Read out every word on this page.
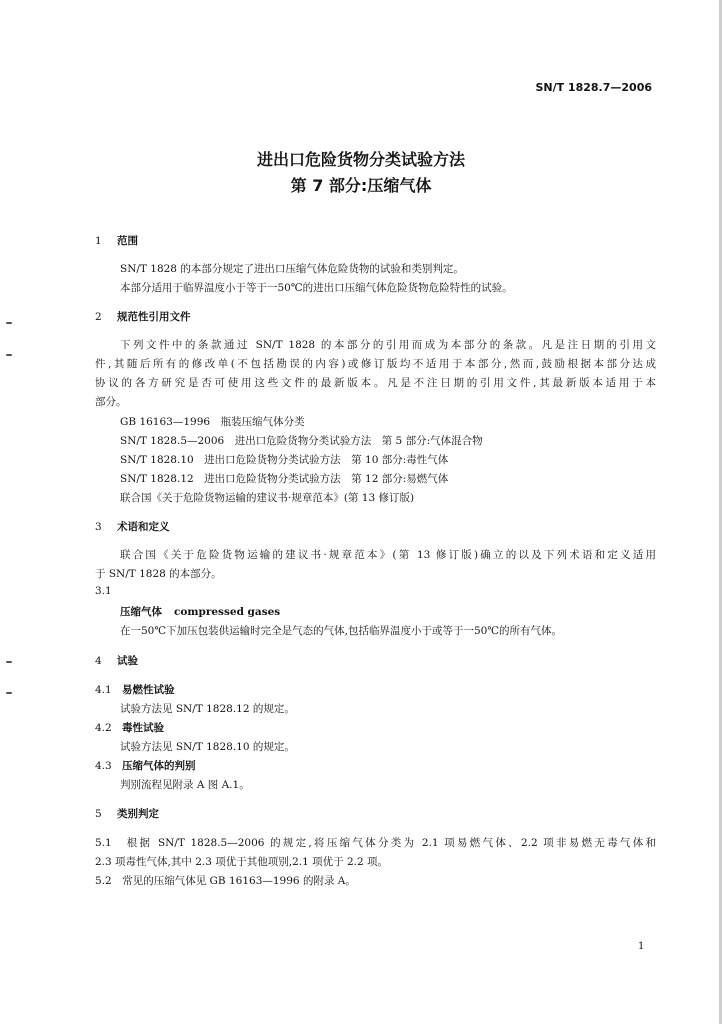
SN/T 1828.7—2006
进出口危险货物分类试验方法
第 7 部分:压缩气体
1 范围
SN/T 1828 的本部分规定了进出口压缩气体危险货物的试验和类别判定。
本部分适用于临界温度小于等于一50℃的进出口压缩气体危险货物危险特性的试验。
2 规范性引用文件
下列文件中的条款通过 SN/T 1828 的本部分的引用而成为本部分的条款。凡是注日期的引用文
件,其随后所有的修改单(不包括勘误的内容)或修订版均不适用于本部分,然而,鼓励根据本部分达成
协议的各方研究是否可使用这些文件的最新版本。凡是不注日期的引用文件,其最新版本适用于本
部分。
GB 16163—1996　瓶装压缩气体分类
SN/T 1828.5—2006　进出口危险货物分类试验方法　第 5 部分:气体混合物
SN/T 1828.10　进出口危险货物分类试验方法　第 10 部分:毒性气体
SN/T 1828.12　进出口危险货物分类试验方法　第 12 部分:易燃气体
联合国《关于危险货物运输的建议书·规章范本》(第 13 修订版)
3 术语和定义
联合国《关于危险货物运输的建议书·规章范本》(第 13 修订版)确立的以及下列术语和定义适用
于 SN/T 1828 的本部分。
3.1
压缩气体 compressed gases
在一50℃下加压包装供运输时完全是气态的气体,包括临界温度小于或等于一50℃的所有气体。
4 试验
4.1 易燃性试验
试验方法见 SN/T 1828.12 的规定。
4.2 毒性试验
试验方法见 SN/T 1828.10 的规定。
4.3 压缩气体的判别
判别流程见附录 A 图 A.1。
5 类别判定
5.1　根据 SN/T 1828.5—2006 的规定,将压缩气体分类为 2.1 项易燃气体、2.2 项非易燃无毒气体和
2.3 项毒性气体,其中 2.3 项优于其他项别,2.1 项优于 2.2 项。
5.2　常见的压缩气体见 GB 16163—1996 的附录 A。
1
